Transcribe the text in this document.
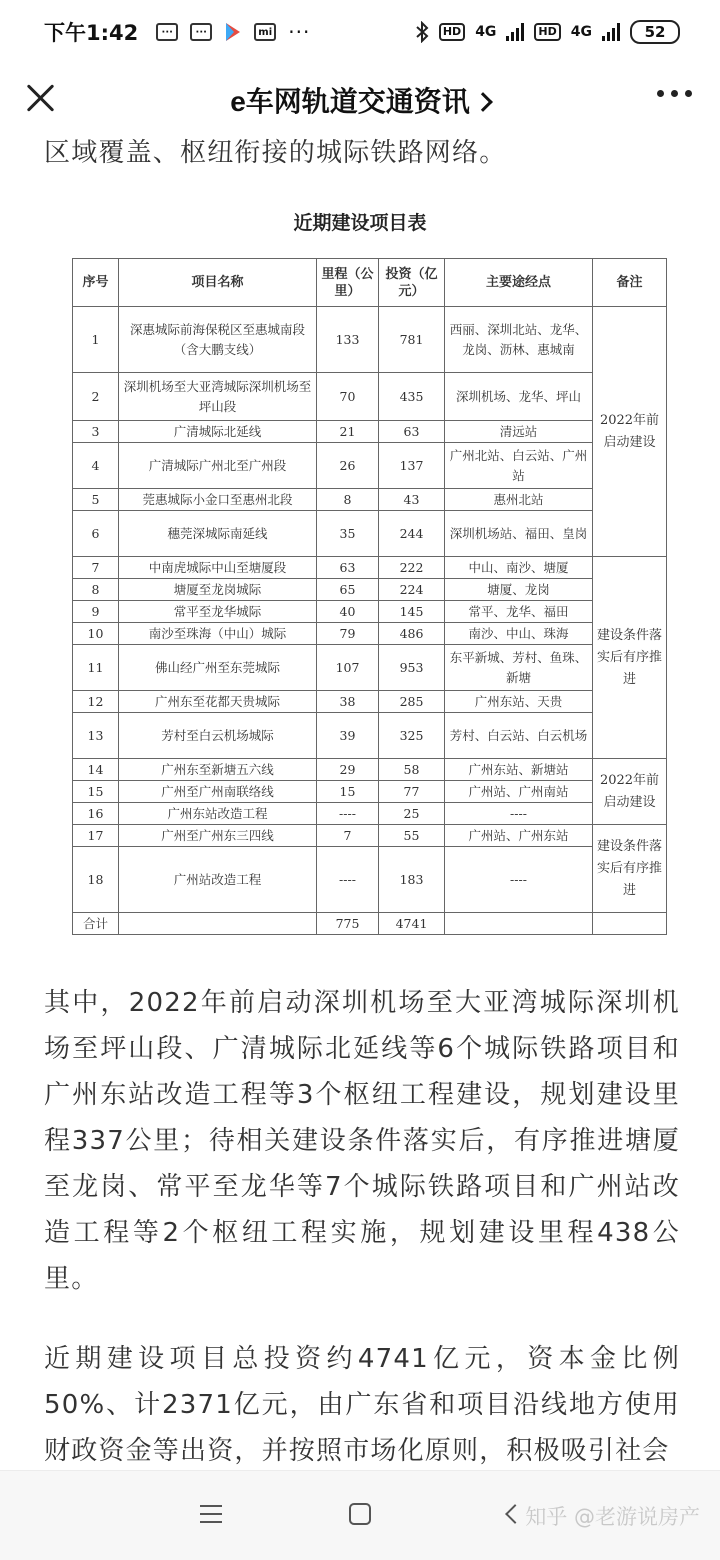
下午1:42	···	···	mi ···	HD 4G	HD 4G	52
e车网轨道交通资讯

区域覆盖、枢纽衔接的城际铁路网络。

近期建设项目表
序号	项目名称	里程（公里）	投资（亿元）	主要途经点	备注
1	深惠城际前海保税区至惠城南段（含大鹏支线）	133	781	西丽、深圳北站、龙华、龙岗、沥林、惠城南	2022年前启动建设
2	深圳机场至大亚湾城际深圳机场至坪山段	70	435	深圳机场、龙华、坪山	
3	广清城际北延线	21	63	清远站	
4	广清城际广州北至广州段	26	137	广州北站、白云站、广州站	
5	莞惠城际小金口至惠州北段	8	43	惠州北站	
6	穗莞深城际南延线	35	244	深圳机场站、福田、皇岗	
7	中南虎城际中山至塘厦段	63	222	中山、南沙、塘厦	建设条件落实后有序推进
8	塘厦至龙岗城际	65	224	塘厦、龙岗	
9	常平至龙华城际	40	145	常平、龙华、福田	
10	南沙至珠海（中山）城际	79	486	南沙、中山、珠海	
11	佛山经广州至东莞城际	107	953	东平新城、芳村、鱼珠、新塘	
12	广州东至花都天贵城际	38	285	广州东站、天贵	
13	芳村至白云机场城际	39	325	芳村、白云站、白云机场	
14	广州东至新塘五六线	29	58	广州东站、新塘站	2022年前启动建设
15	广州至广州南联络线	15	77	广州站、广州南站	
16	广州东站改造工程	----	25	----	
17	广州至广州东三四线	7	55	广州站、广州东站	建设条件落实后有序推进
18	广州站改造工程	----	183	----	
合计		775	4741		

其中，2022年前启动深圳机场至大亚湾城际深圳机场至坪山段、广清城际北延线等6个城际铁路项目和广州东站改造工程等3个枢纽工程建设，规划建设里程337公里；待相关建设条件落实后，有序推进塘厦至龙岗、常平至龙华等7个城际铁路项目和广州站改造工程等2个枢纽工程实施，规划建设里程438公里。

近期建设项目总投资约4741亿元，资本金比例50%、计2371亿元，由广东省和项目沿线地方使用财政资金等出资，并按照市场化原则，积极吸引社会

知乎 @老游说房产
